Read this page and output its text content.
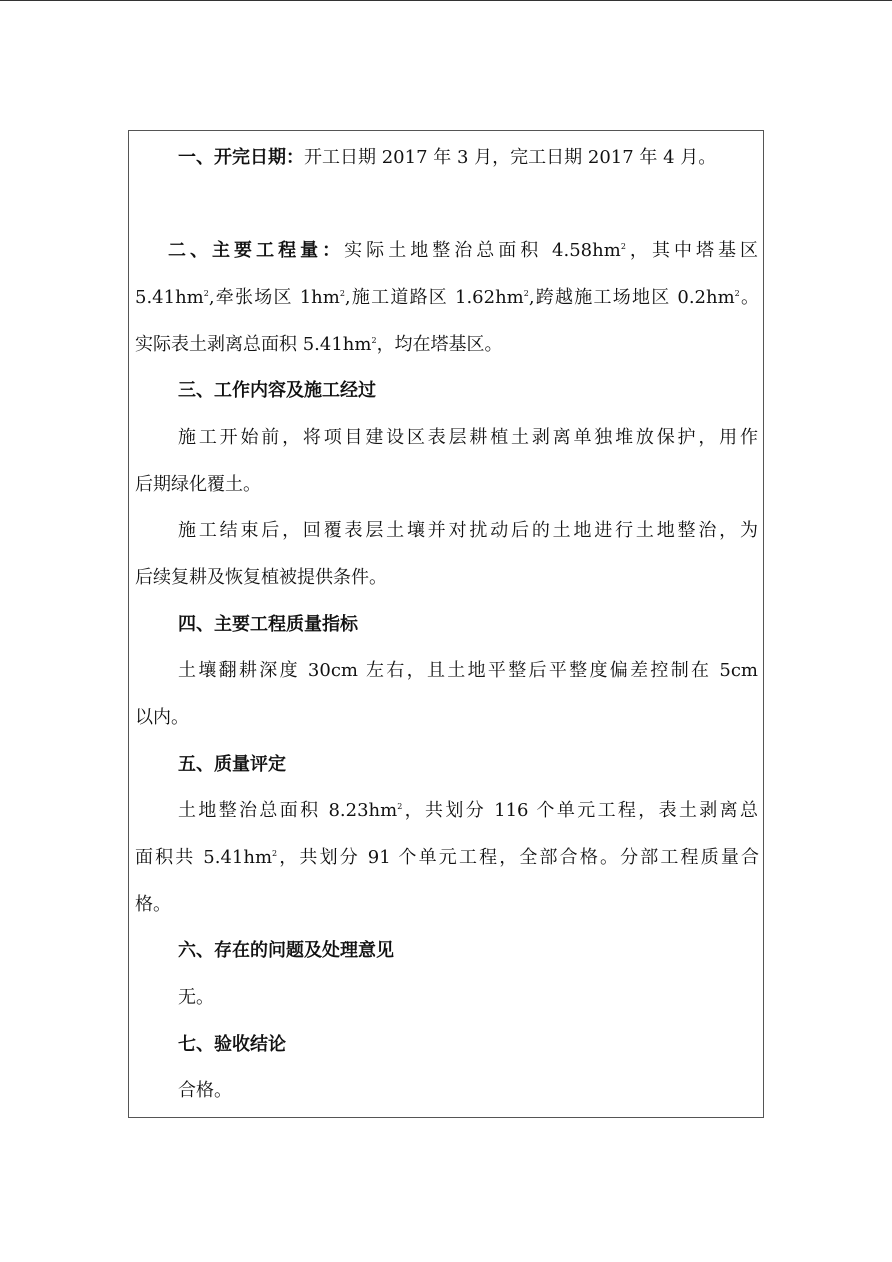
一、开完日期：开工日期 2017 年 3 月，完工日期 2017 年 4 月。
二、主要工程量：实际土地整治总面积 $4.58hm^2$，其中塔基区
$5.41hm^2$,牵张场区 $1hm^2$,施工道路区 $1.62hm^2$,跨越施工场地区 $0.2hm^2$。
实际表土剥离总面积 $5.41hm^2$，均在塔基区。
三、工作内容及施工经过
施工开始前，将项目建设区表层耕植土剥离单独堆放保护，用作
后期绿化覆土。
施工结束后，回覆表层土壤并对扰动后的土地进行土地整治，为
后续复耕及恢复植被提供条件。
四、主要工程质量指标
土壤翻耕深度 30cm 左右，且土地平整后平整度偏差控制在 5cm
以内。
五、质量评定
土地整治总面积 $8.23hm^2$，共划分 116 个单元工程，表土剥离总
面积共 $5.41hm^2$，共划分 91 个单元工程，全部合格。分部工程质量合
格。
六、存在的问题及处理意见
无。
七、验收结论
合格。
